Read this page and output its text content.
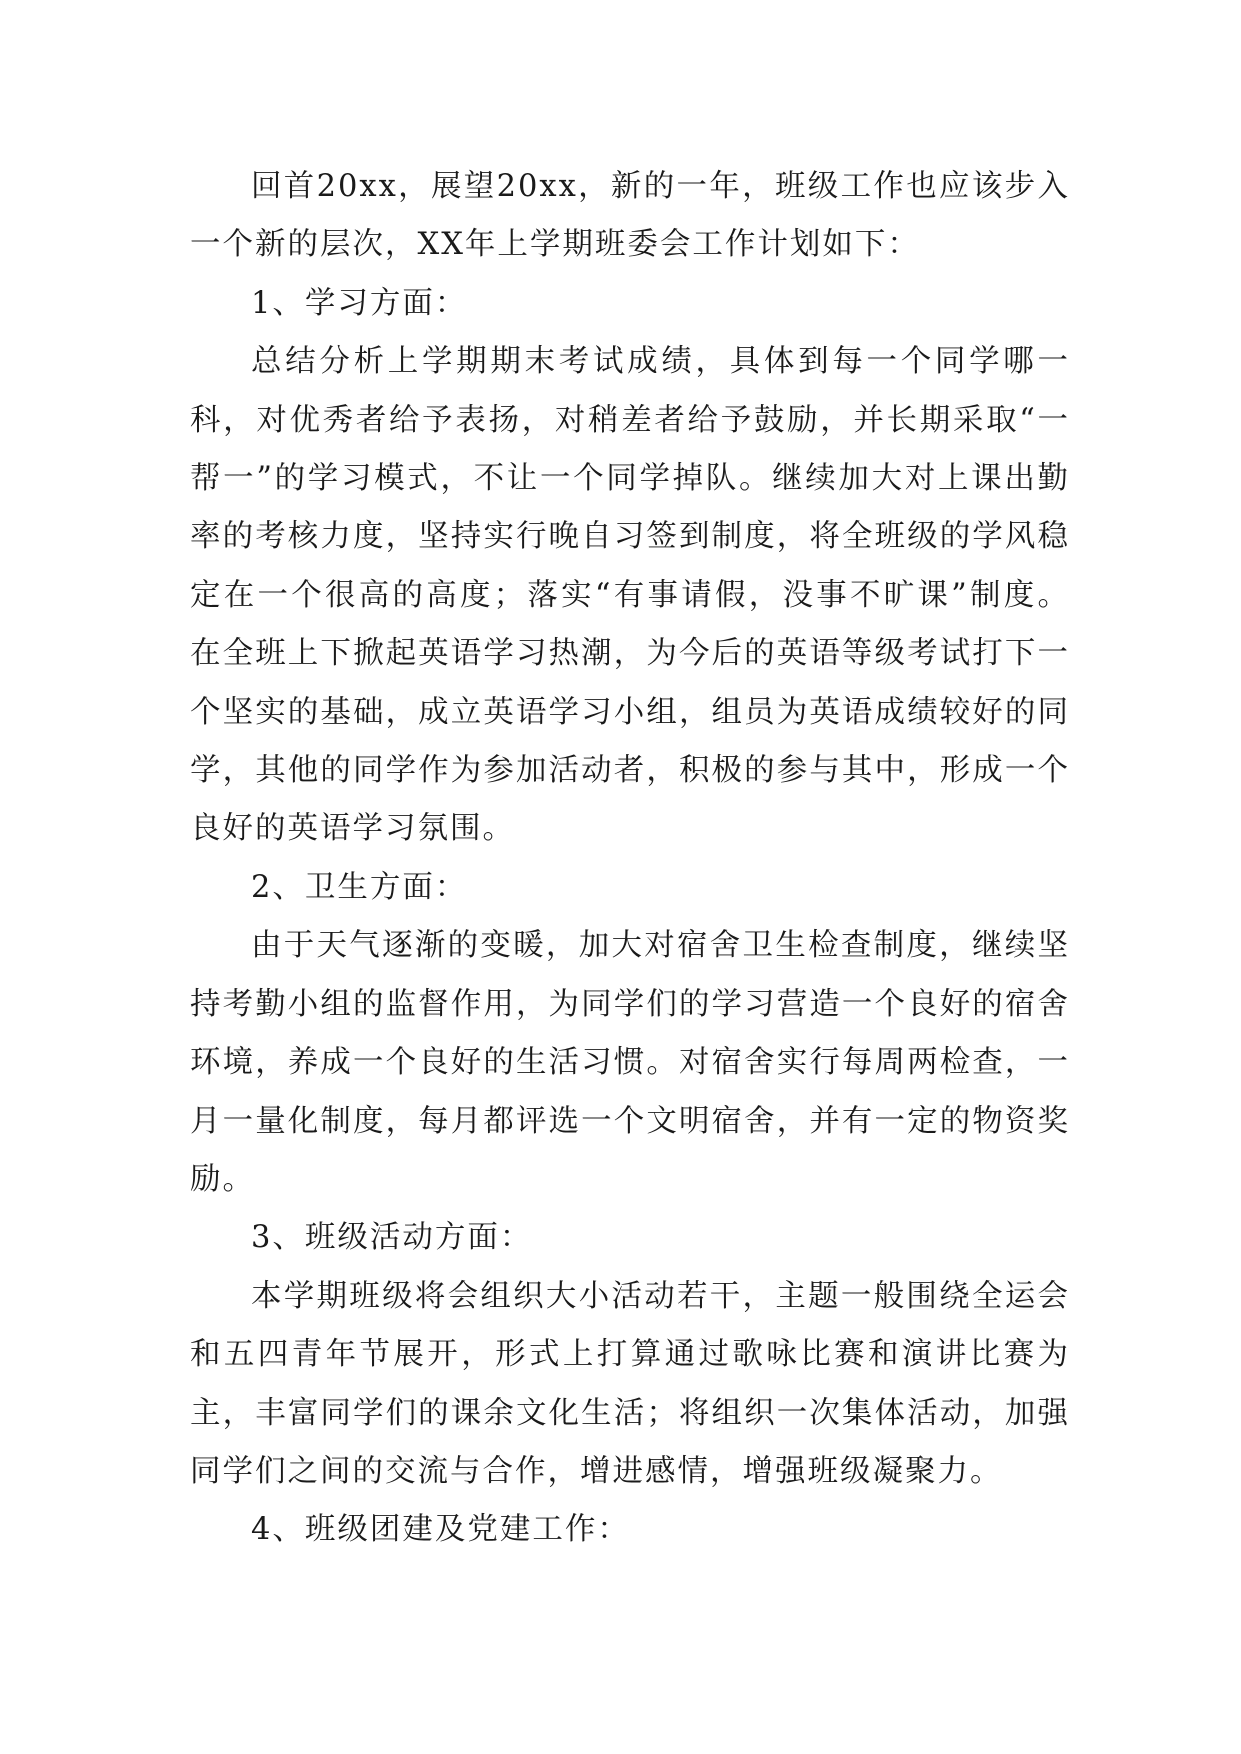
回首20xx，展望20xx，新的一年，班级工作也应该步入一个新的层次，XX年上学期班委会工作计划如下：

1、学习方面：

总结分析上学期期末考试成绩，具体到每一个同学哪一科，对优秀者给予表扬，对稍差者给予鼓励，并长期采取“一帮一”的学习模式，不让一个同学掉队。继续加大对上课出勤率的考核力度，坚持实行晚自习签到制度，将全班级的学风稳定在一个很高的高度；落实“有事请假，没事不旷课”制度。在全班上下掀起英语学习热潮，为今后的英语等级考试打下一个坚实的基础，成立英语学习小组，组员为英语成绩较好的同学，其他的同学作为参加活动者，积极的参与其中，形成一个良好的英语学习氛围。

2、卫生方面：

由于天气逐渐的变暖，加大对宿舍卫生检查制度，继续坚持考勤小组的监督作用，为同学们的学习营造一个良好的宿舍环境，养成一个良好的生活习惯。对宿舍实行每周两检查，一月一量化制度，每月都评选一个文明宿舍，并有一定的物资奖励。

3、班级活动方面：

本学期班级将会组织大小活动若干，主题一般围绕全运会和五四青年节展开，形式上打算通过歌咏比赛和演讲比赛为主，丰富同学们的课余文化生活；将组织一次集体活动，加强同学们之间的交流与合作，增进感情，增强班级凝聚力。

4、班级团建及党建工作：
